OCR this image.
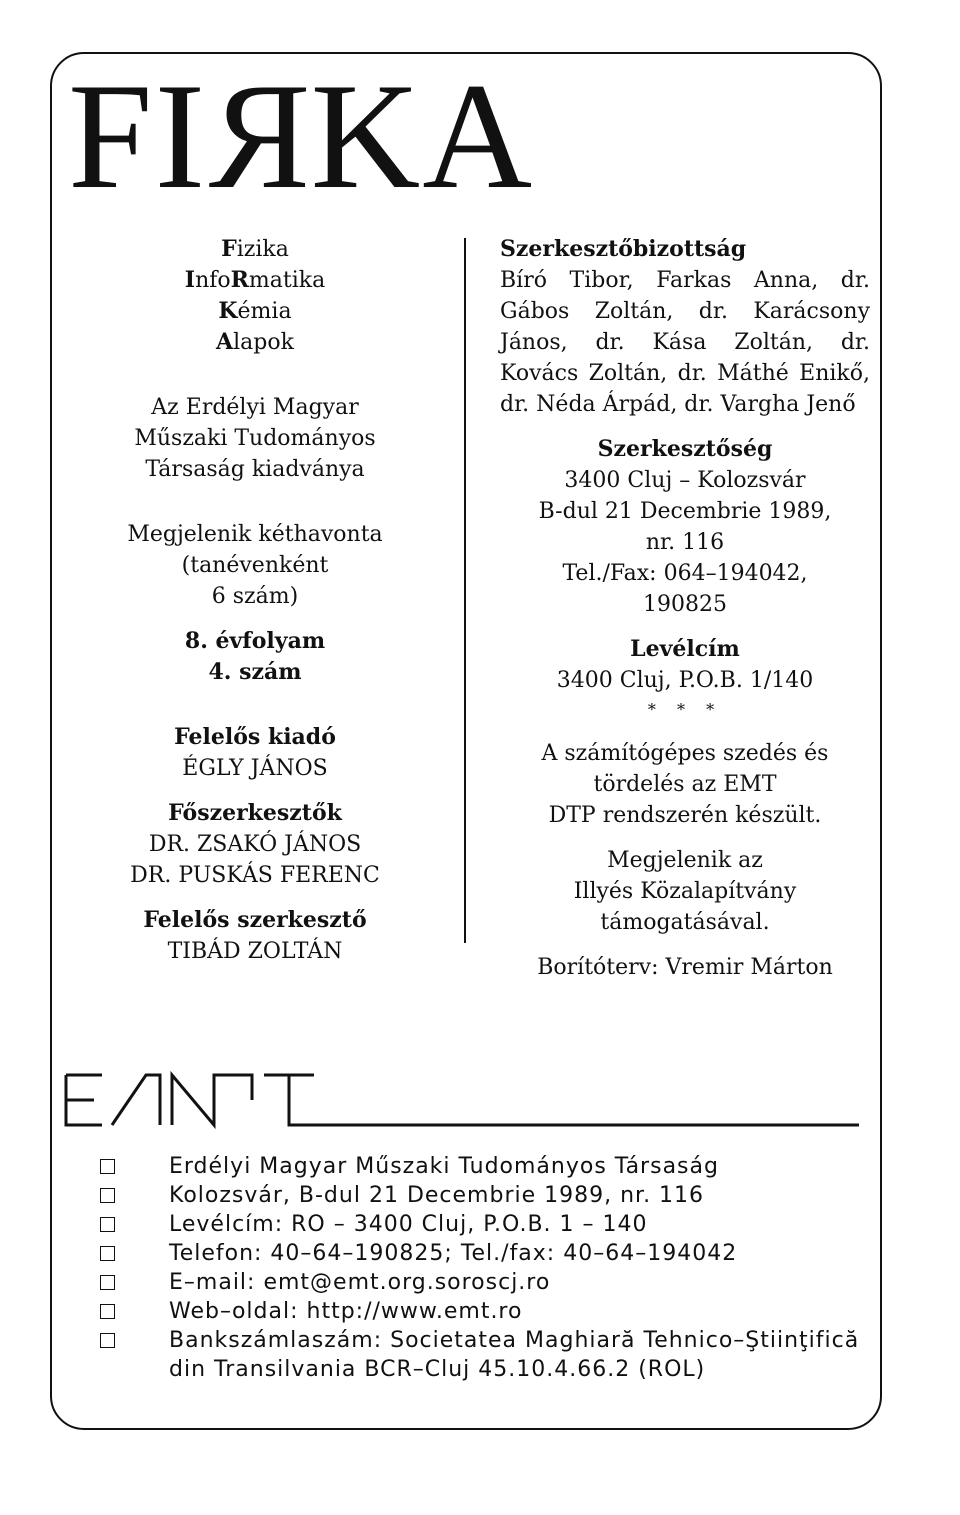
FI R KA

Fizika

InfoRmatika

Kémia

Alapok

Az Erdélyi Magyar

Műszaki Tudományos

Társaság kiadványa

Megjelenik kéthavonta

(tanévenként

6 szám)

8. évfolyam

4. szám

Felelős kiadó

ÉGLY JÁNOS

Főszerkesztők

DR. ZSAKÓ JÁNOS

DR. PUSKÁS FERENC

Felelős szerkesztő

TIBÁD ZOLTÁN

Szerkesztőbizottság

Bíró Tibor, Farkas Anna, dr. Gábos Zoltán, dr. Karácsony János, dr. Kása Zoltán, dr. Kovács Zoltán, dr. Máthé Enikő, dr. Néda Árpád, dr. Vargha Jenő

Szerkesztőség

3400 Cluj – Kolozsvár

B-dul 21 Decembrie 1989,

nr. 116

Tel./Fax: 064–194042,

190825

Levélcím

3400 Cluj, P.O.B. 1/140

* * *

A számítógépes szedés és

tördelés az EMT

DTP rendszerén készült.

Megjelenik az

Illyés Közalapítvány

támogatásával.

Borítóterv: Vremir Márton

Erdélyi Magyar Műszaki Tudományos Társaság
Kolozsvár, B-dul 21 Decembrie 1989, nr. 116
Levélcím: RO – 3400 Cluj, P.O.B. 1 – 140
Telefon: 40–64–190825; Tel./fax: 40–64–194042
E–mail: emt@emt.org.soroscj.ro
Web–oldal: http://www.emt.ro
Bankszámlaszám: Societatea Maghiară Tehnico–Ştiinţifică din Transilvania BCR–Cluj 45.10.4.66.2 (ROL)
